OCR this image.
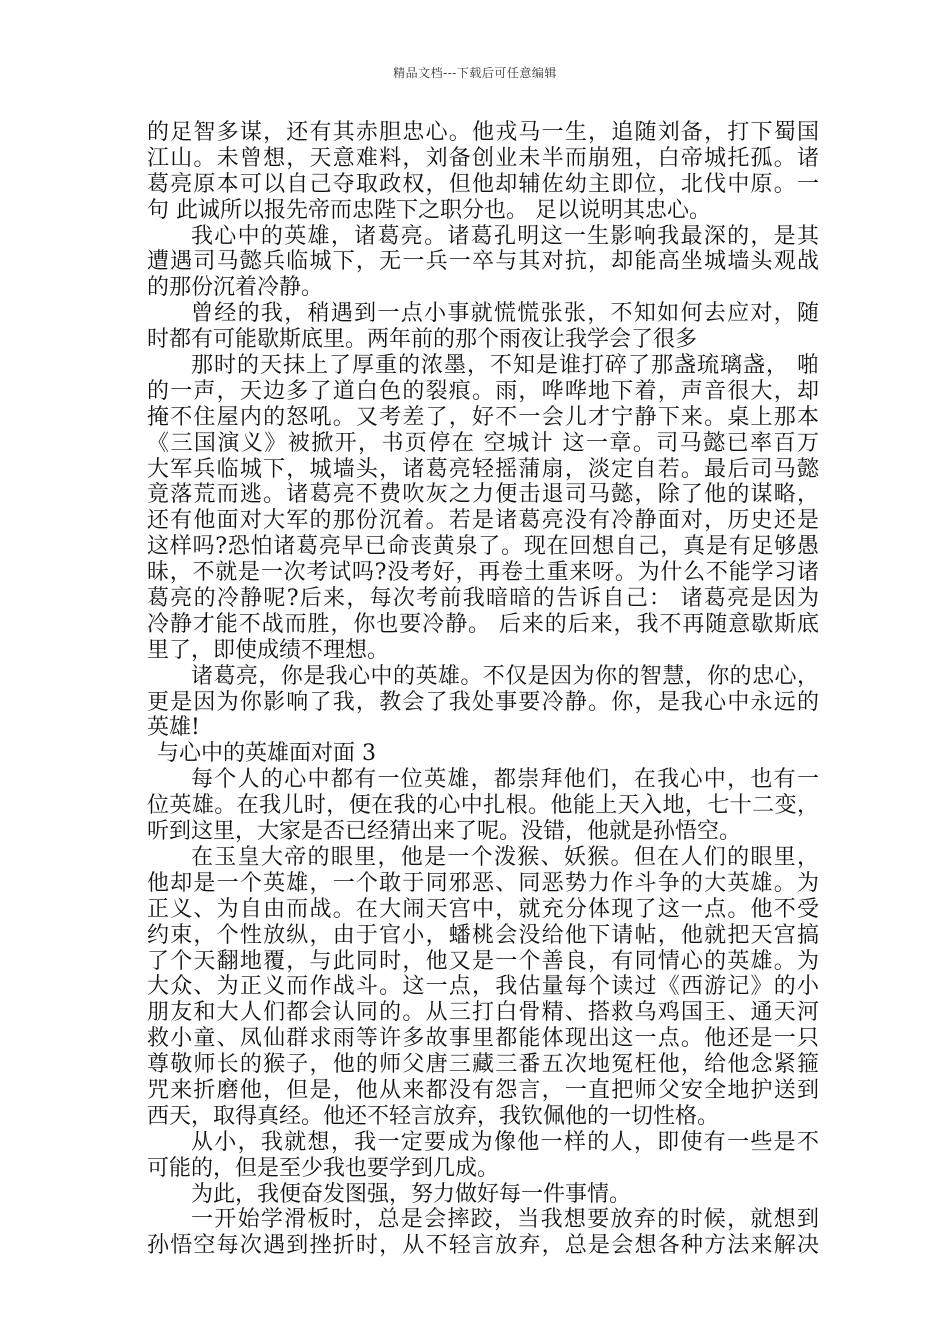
精品文档---下载后可任意编辑
的足智多谋，还有其赤胆忠心。他戎马一生，追随刘备，打下蜀国
江山。未曾想，天意难料，刘备创业未半而崩殂，白帝城托孤。诸
葛亮原本可以自己夺取政权，但他却辅佐幼主即位，北伐中原。一
句 此诚所以报先帝而忠陛下之职分也。 足以说明其忠心。
我心中的英雄，诸葛亮。诸葛孔明这一生影响我最深的，是其
遭遇司马懿兵临城下，无一兵一卒与其对抗，却能高坐城墙头观战
的那份沉着冷静。
曾经的我，稍遇到一点小事就慌慌张张，不知如何去应对，随
时都有可能歇斯底里。两年前的那个雨夜让我学会了很多
那时的天抹上了厚重的浓墨，不知是谁打碎了那盏琉璃盏， 啪
的一声，天边多了道白色的裂痕。雨，哗哗地下着，声音很大，却
掩不住屋内的怒吼。又考差了，好不一会儿才宁静下来。桌上那本
《三国演义》被掀开，书页停在 空城计 这一章。司马懿已率百万
大军兵临城下，城墙头，诸葛亮轻摇蒲扇，淡定自若。最后司马懿
竟落荒而逃。诸葛亮不费吹灰之力便击退司马懿，除了他的谋略，
还有他面对大军的那份沉着。若是诸葛亮没有冷静面对，历史还是
这样吗?恐怕诸葛亮早已命丧黄泉了。现在回想自己，真是有足够愚
昧，不就是一次考试吗?没考好，再卷土重来呀。为什么不能学习诸
葛亮的冷静呢?后来，每次考前我暗暗的告诉自己： 诸葛亮是因为
冷静才能不战而胜，你也要冷静。 后来的后来，我不再随意歇斯底
里了，即使成绩不理想。
诸葛亮，你是我心中的英雄。不仅是因为你的智慧，你的忠心，
更是因为你影响了我，教会了我处事要冷静。你，是我心中永远的
英雄!
与心中的英雄面对面 3
每个人的心中都有一位英雄，都崇拜他们，在我心中，也有一
位英雄。在我儿时，便在我的心中扎根。他能上天入地，七十二变，
听到这里，大家是否已经猜出来了呢。没错，他就是孙悟空。
在玉皇大帝的眼里，他是一个泼猴、妖猴。但在人们的眼里，
他却是一个英雄，一个敢于同邪恶、同恶势力作斗争的大英雄。为
正义、为自由而战。在大闹天宫中，就充分体现了这一点。他不受
约束，个性放纵，由于官小，蟠桃会没给他下请帖，他就把天宫搞
了个天翻地覆，与此同时，他又是一个善良，有同情心的英雄。为
大众、为正义而作战斗。这一点，我估量每个读过《西游记》的小
朋友和大人们都会认同的。从三打白骨精、搭救乌鸡国王、通天河
救小童、凤仙群求雨等许多故事里都能体现出这一点。他还是一只
尊敬师长的猴子，他的师父唐三藏三番五次地冤枉他，给他念紧箍
咒来折磨他，但是，他从来都没有怨言，一直把师父安全地护送到
西天，取得真经。他还不轻言放弃，我钦佩他的一切性格。
从小，我就想，我一定要成为像他一样的人，即使有一些是不
可能的，但是至少我也要学到几成。
为此，我便奋发图强，努力做好每一件事情。
一开始学滑板时，总是会摔跤，当我想要放弃的时候，就想到
孙悟空每次遇到挫折时，从不轻言放弃，总是会想各种方法来解决
